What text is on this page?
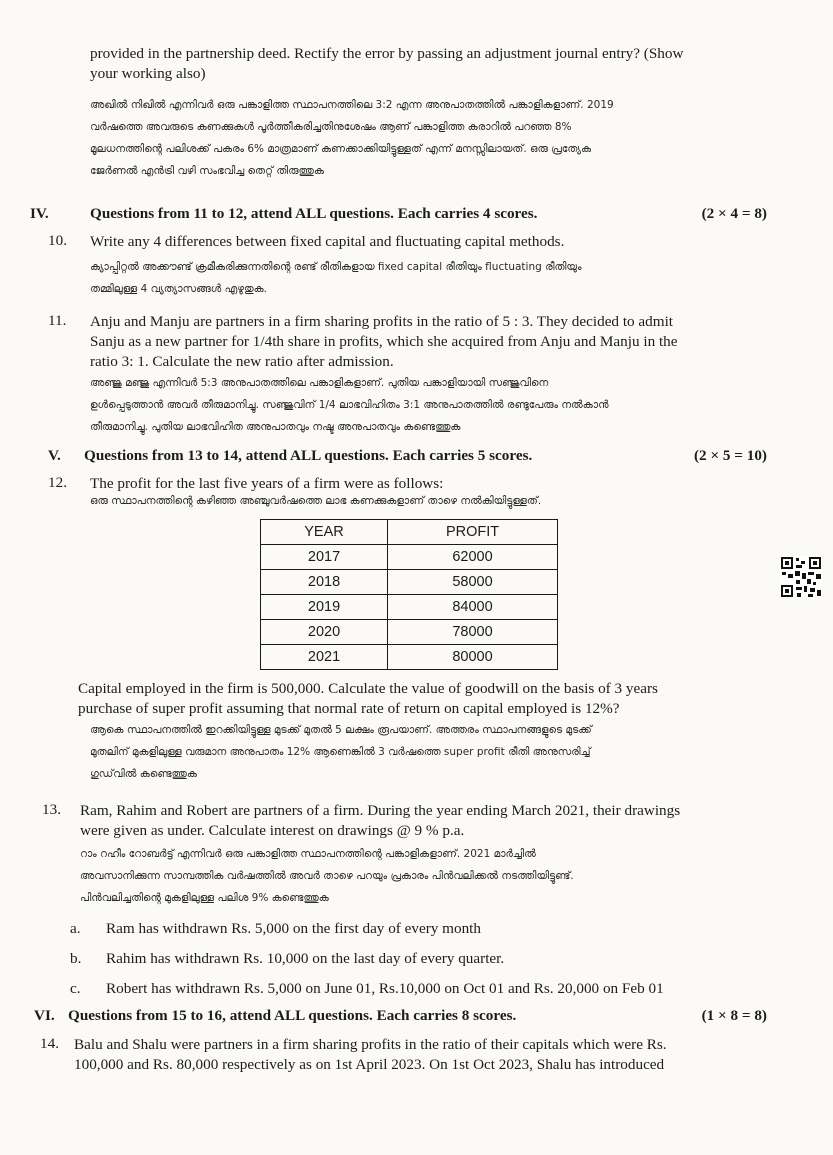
provided in the partnership deed. Rectify the error by passing an adjustment journal entry? (Show
your working also)
അഖിൽ നിഖിൽ എന്നിവർ ഒരു പങ്കാളിത്ത സ്ഥാപനത്തിലെ 3:2 എന്ന അനുപാതത്തിൽ പങ്കാളികളാണ്. 2019
വർഷത്തെ അവരുടെ കണക്കുകൾ പൂർത്തീകരിച്ചതിനുശേഷം ആണ് പങ്കാളിത്ത കരാറിൽ പറഞ്ഞ 8%
മൂലധനത്തിന്റെ പലിശക്ക് പകരം 6% മാത്രമാണ് കണക്കാക്കിയിട്ടുള്ളത് എന്ന് മനസ്സിലായത്. ഒരു പ്രത്യേക
ജേർണൽ എൻട്രി വഴി സംഭവിച്ച തെറ്റ് തിരുത്തുക
IV.	Questions from 11 to 12, attend ALL questions. Each carries 4 scores.	(2 × 4 = 8)
10. Write any 4 differences between fixed capital and fluctuating capital methods.
ക്യാപ്പിറ്റൽ അക്കൗണ്ട് ക്രമീകരിക്കുന്നതിന്റെ രണ്ട് രീതികളായ fixed capital രീതിയും fluctuating രീതിയും
തമ്മിലുള്ള 4 വ്യത്യാസങ്ങൾ എഴുതുക.
11. Anju and Manju are partners in a firm sharing profits in the ratio of 5 : 3. They decided to admit
Sanju as a new partner for 1/4th share in profits, which she acquired from Anju and Manju in the
ratio 3: 1. Calculate the new ratio after admission.
അഞ്ജു മഞ്ജു എന്നിവർ 5:3 അനുപാതത്തിലെ പങ്കാളികളാണ്. പുതിയ പങ്കാളിയായി സഞ്ജുവിനെ
ഉൾപ്പെടുത്താൻ അവർ തീരുമാനിച്ചു. സഞ്ജുവിന് 1/4 ലാഭവിഹിതം 3:1 അനുപാതത്തിൽ രണ്ടുപേരും നൽകാൻ
തീരുമാനിച്ചു. പുതിയ ലാഭവിഹിത അനുപാതവും നഷ്ട അനുപാതവും കണ്ടെത്തുക
V. Questions from 13 to 14, attend ALL questions. Each carries 5 scores.	(2 × 5 = 10)
12. The profit for the last five years of a firm were as follows:
ഒരു സ്ഥാപനത്തിന്റെ കഴിഞ്ഞ അഞ്ചുവർഷത്തെ ലാഭ കണക്കുകളാണ് താഴെ നൽകിയിട്ടുള്ളത്.
YEAR	PROFIT
2017	62000
2018	58000
2019	84000
2020	78000
2021	80000
Capital employed in the firm is 500,000. Calculate the value of goodwill on the basis of 3 years
purchase of super profit assuming that normal rate of return on capital employed is 12%?
ആകെ സ്ഥാപനത്തിൽ ഇറക്കിയിട്ടുള്ള മുടക്ക് മുതൽ 5 ലക്ഷം രൂപയാണ്. അത്തരം സ്ഥാപനങ്ങളുടെ മുടക്ക്
മുതലിന് മുകളിലുള്ള വരുമാന അനുപാതം 12% ആണെങ്കിൽ 3 വർഷത്തെ super profit രീതി അനുസരിച്ച്
ഗുഡ്‌വിൽ കണ്ടെത്തുക
13. Ram, Rahim and Robert are partners of a firm. During the year ending March 2021, their drawings
were given as under. Calculate interest on drawings @ 9 % p.a.
റാം റഹീം റോബർട്ട് എന്നിവർ ഒരു പങ്കാളിത്ത സ്ഥാപനത്തിന്റെ പങ്കാളികളാണ്. 2021 മാർച്ചിൽ
അവസാനിക്കുന്ന സാമ്പത്തിക വർഷത്തിൽ അവർ താഴെ പറയും പ്രകാരം പിൻവലിക്കൽ നടത്തിയിട്ടുണ്ട്.
പിൻവലിച്ചതിന്റെ മുകളിലുള്ള പലിശ 9% കണ്ടെത്തുക
a. Ram has withdrawn Rs. 5,000 on the first day of every month
b. Rahim has withdrawn Rs. 10,000 on the last day of every quarter.
c. Robert has withdrawn Rs. 5,000 on June 01, Rs.10,000 on Oct 01 and Rs. 20,000 on Feb 01
VI. Questions from 15 to 16, attend ALL questions. Each carries 8 scores.	(1 × 8 = 8)
14. Balu and Shalu were partners in a firm sharing profits in the ratio of their capitals which were Rs.
100,000 and Rs. 80,000 respectively as on 1st April 2023. On 1st Oct 2023, Shalu has introduced
